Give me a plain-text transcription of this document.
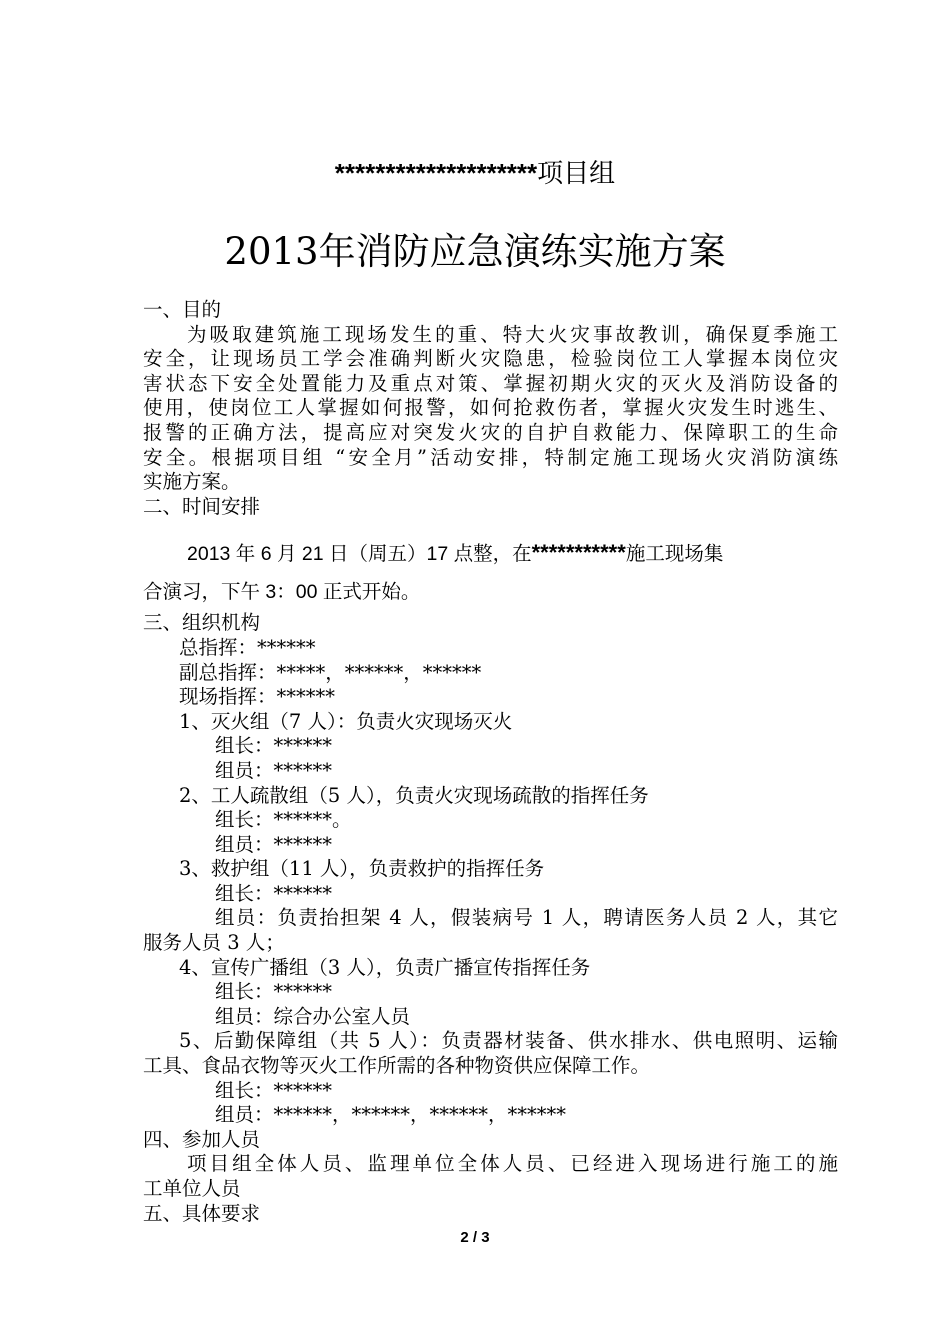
********************项目组
2013年消防应急演练实施方案
一、目的
为吸取建筑施工现场发生的重、特大火灾事故教训，确保夏季施工
安全，让现场员工学会准确判断火灾隐患，检验岗位工人掌握本岗位灾
害状态下安全处置能力及重点对策、掌握初期火灾的灭火及消防设备的
使用，使岗位工人掌握如何报警，如何抢救伤者，掌握火灾发生时逃生、
报警的正确方法，提高应对突发火灾的自护自救能力、保障职工的生命
安全。根据项目组 “安全月”活动安排，特制定施工现场火灾消防演练
实施方案。
二、时间安排
2013 年 6 月 21 日（周五）17 点整，在***********施工现场集
合演习，下午 3：00 正式开始。
三、组织机构
总指挥：******
副总指挥：*****，******，******
现场指挥：******
1、灭火组（7 人）：负责火灾现场灭火
组长：******
组员：******
2、工人疏散组（5 人），负责火灾现场疏散的指挥任务
组长：******。
组员：******
3、救护组（11 人），负责救护的指挥任务
组长：******
组员：负责抬担架 4 人，假装病号 1 人，聘请医务人员 2 人，其它
服务人员 3 人；
4、宣传广播组（3 人），负责广播宣传指挥任务
组长：******
组员：综合办公室人员
5、后勤保障组（共 5 人）：负责器材装备、供水排水、供电照明、运输
工具、食品衣物等灭火工作所需的各种物资供应保障工作。
组长：******
组员：******，******，******，******
四、参加人员
项目组全体人员、监理单位全体人员、已经进入现场进行施工的施
工单位人员
五、具体要求
2 / 3
